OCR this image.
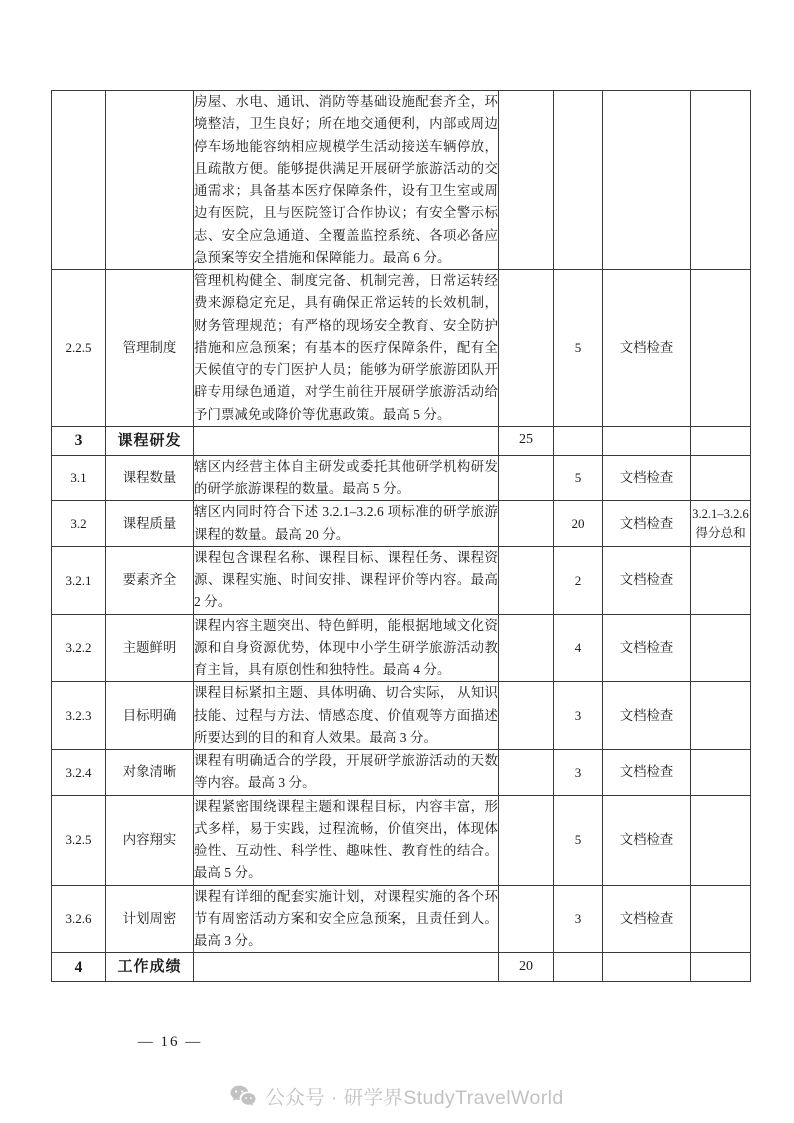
		房屋、水电、通讯、消防等基础设施配套齐全，环境整洁，卫生良好；所在地交通便利，内部或周边停车场地能容纳相应规模学生活动接送车辆停放，且疏散方便。能够提供满足开展研学旅游活动的交通需求；具备基本医疗保障条件，设有卫生室或周边有医院，且与医院签订合作协议；有安全警示标志、安全应急通道、全覆盖监控系统、各项必备应急预案等安全措施和保障能力。最高 6 分。				
2.2.5	管理制度	管理机构健全、制度完备、机制完善，日常运转经费来源稳定充足，具有确保正常运转的长效机制，财务管理规范；有严格的现场安全教育、安全防护措施和应急预案；有基本的医疗保障条件，配有全天候值守的专门医护人员；能够为研学旅游团队开辟专用绿色通道，对学生前往开展研学旅游活动给予门票减免或降价等优惠政策。最高 5 分。		5	文档检查	
3	课程研发		25			
3.1	课程数量	辖区内经营主体自主研发或委托其他研学机构研发的研学旅游课程的数量。最高 5 分。		5	文档检查	
3.2	课程质量	辖区内同时符合下述 3.2.1–3.2.6 项标准的研学旅游课程的数量。最高 20 分。		20	文档检查	3.2.1–3.2.6得分总和
3.2.1	要素齐全	课程包含课程名称、课程目标、课程任务、课程资源、课程实施、时间安排、课程评价等内容。最高 2 分。		2	文档检查	
3.2.2	主题鲜明	课程内容主题突出、特色鲜明，能根据地域文化资源和自身资源优势，体现中小学生研学旅游活动教育主旨，具有原创性和独特性。最高 4 分。		4	文档检查	
3.2.3	目标明确	课程目标紧扣主题、具体明确、切合实际， 从知识技能、过程与方法、情感态度、价值观等方面描述所要达到的目的和育人效果。最高 3 分。		3	文档检查	
3.2.4	对象清晰	课程有明确适合的学段，开展研学旅游活动的天数等内容。最高 3 分。		3	文档检查	
3.2.5	内容翔实	课程紧密围绕课程主题和课程目标，内容丰富，形式多样，易于实践，过程流畅，价值突出，体现体验性、互动性、科学性、趣味性、教育性的结合。最高 5 分。		5	文档检查	
3.2.6	计划周密	课程有详细的配套实施计划，对课程实施的各个环节有周密活动方案和安全应急预案，且责任到人。最高 3 分。		3	文档检查	
4	工作成绩		20			
— 16 —
公众号 · 研学界StudyTravelWorld
